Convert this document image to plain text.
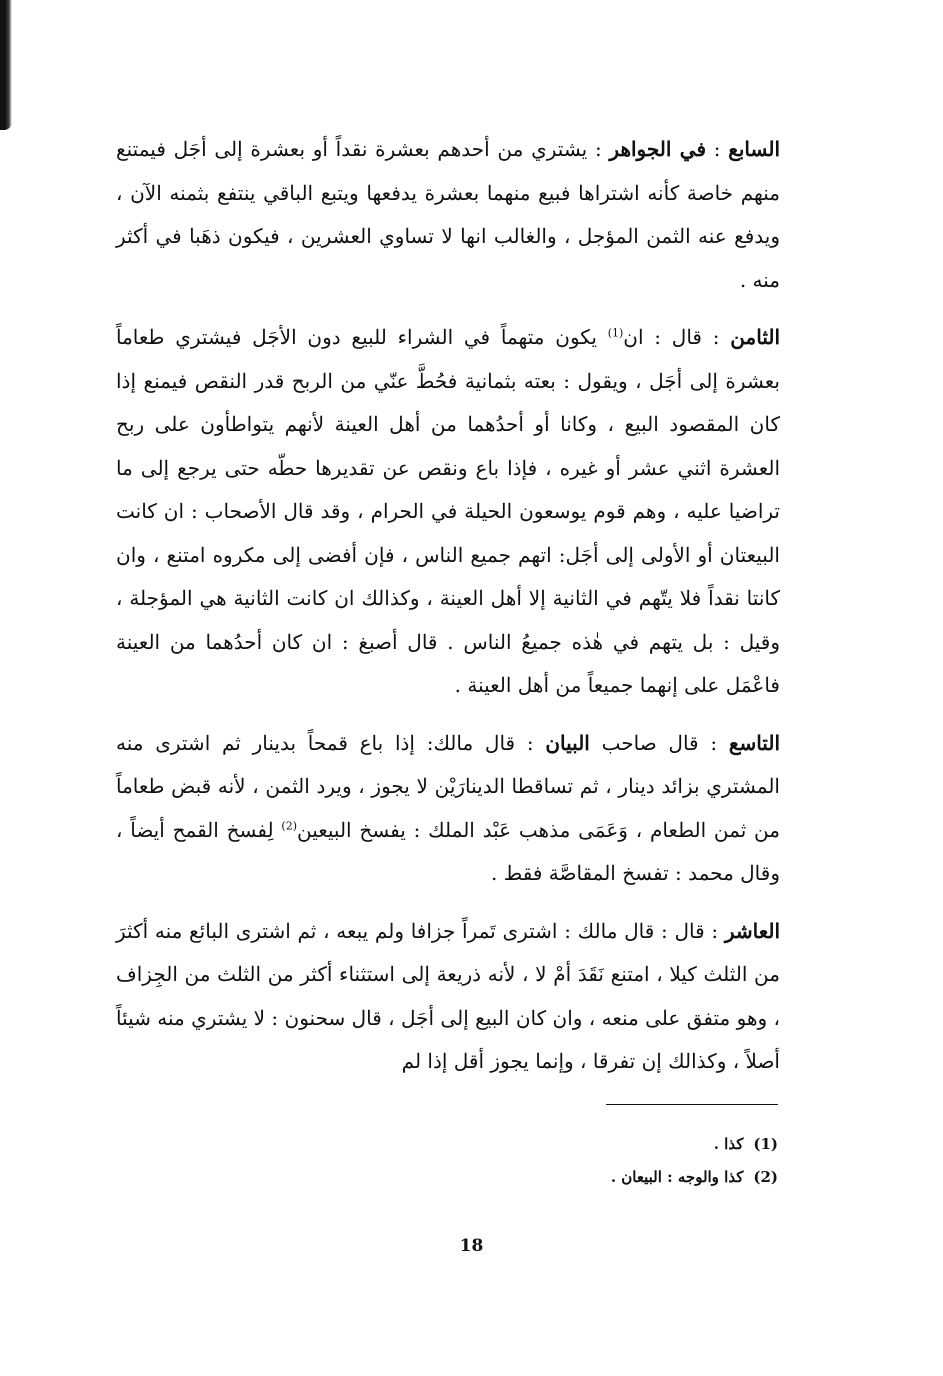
السابع : في الجواهر : يشتري من أحدهم بعشرة نقداً أو بعشرة إلى أجَل فيمتنع منهم خاصة كأنه اشتراها فبيع منهما بعشرة يدفعها ويتبع الباقي ينتفع بثمنه الآن ، ويدفع عنه الثمن المؤجل ، والغالب انها لا تساوي العشرين ، فيكون ذهَبا في أكثر منه .

الثامن : قال : ان$^{(1)}$ يكون متهماً في الشراء للبيع دون الأجَل فيشتري طعاماً بعشرة إلى أجَل ، ويقول : بعته بثمانية فحُطَّ عنّي من الربح قدر النقص فيمنع إذا كان المقصود البيع ، وكانا أو أحدُهما من أهل العينة لأنهم يتواطأون على ربح العشرة اثني عشر أو غيره ، فإذا باع ونقص عن تقديرها حطّه حتى يرجع إلى ما تراضيا عليه ، وهم قوم يوسعون الحيلة في الحرام ، وقد قال الأصحاب : ان كانت البيعتان أو الأولى إلى أجَل: اتهم جميع الناس ، فإن أفضى إلى مكروه امتنع ، وان كانتا نقداً فلا يتّهم في الثانية إلا أهل العينة ، وكذالك ان كانت الثانية هي المؤجلة ، وقيل : بل يتهم في هٰذه جميعُ الناس . قال أصبغ : ان كان أحدُهما من العينة فاعْمَل على إنهما جميعاً من أهل العينة .

التاسع : قال صاحب البيان : قال مالك: إذا باع قمحاً بدينار ثم اشترى منه المشتري بزائد دينار ، ثم تساقطا الدينارَيْن لا يجوز ، ويرد الثمن ، لأنه قبض طعاماً من ثمن الطعام ، وَعَمَى مذهب عَبْد الملك : يفسخ البيعين$^{(2)}$ لِفسخ القمح أيضاً ، وقال محمد : تفسخ المقاصَّة فقط .

العاشر : قال : قال مالك : اشترى تَمراً جزافا ولم يبعه ، ثم اشترى البائع منه أكثرَ من الثلث كيلا ، امتنع نَقَدَ أمْ لا ، لأنه ذريعة إلى استثناء أكثر من الثلث من الجِزاف ، وهو متفق على منعه ، وان كان البيع إلى أجَل ، قال سحنون : لا يشتري منه شيئاً أصلاً ، وكذالك إن تفرقا ، وإنما يجوز أقل إذا لم

(1)كذا .
(2)كذا والوجه : البيعان .
18
